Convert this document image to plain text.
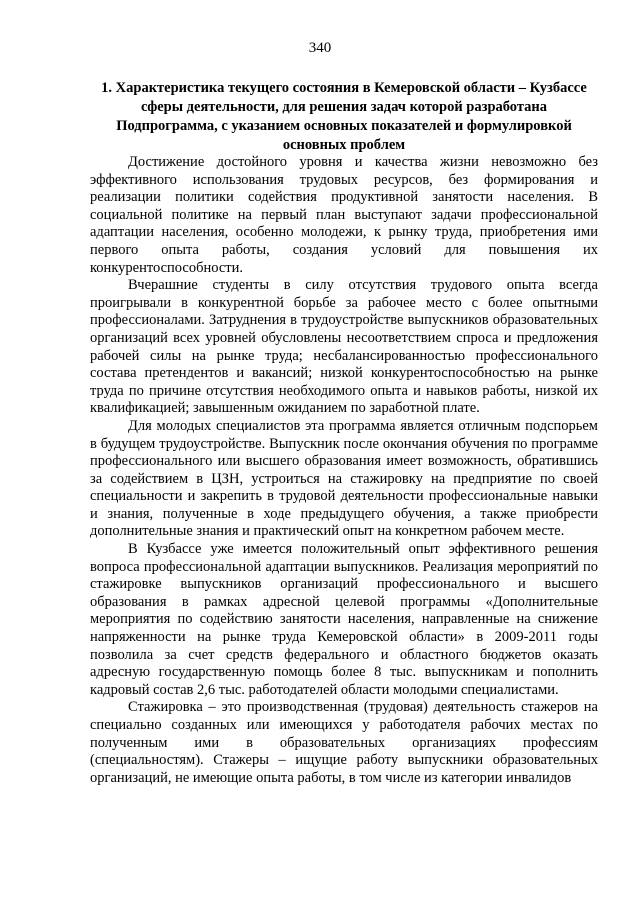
340
1. Характеристика текущего состояния в Кемеровской области – Кузбассе сферы деятельности, для решения задач которой разработана Подпрограмма, с указанием основных показателей и формулировкой основных проблем

Достижение достойного уровня и качества жизни невозможно без эффективного использования трудовых ресурсов, без формирования и реализации политики содействия продуктивной занятости населения. В социальной политике на первый план выступают задачи профессиональной адаптации населения, особенно молодежи, к рынку труда, приобретения ими первого опыта работы, создания условий для повышения их конкурентоспособности.

Вчерашние студенты в силу отсутствия трудового опыта всегда проигрывали в конкурентной борьбе за рабочее место с более опытными профессионалами. Затруднения в трудоустройстве выпускников образовательных организаций всех уровней обусловлены несоответствием спроса и предложения рабочей силы на рынке труда; несбалансированностью профессионального состава претендентов и вакансий; низкой конкурентоспособностью на рынке труда по причине отсутствия необходимого опыта и навыков работы, низкой их квалификацией; завышенным ожиданием по заработной плате.

Для молодых специалистов эта программа является отличным подспорьем в будущем трудоустройстве. Выпускник после окончания обучения по программе профессионального или высшего образования имеет возможность, обратившись за содействием в ЦЗН, устроиться на стажировку на предприятие по своей специальности и закрепить в трудовой деятельности профессиональные навыки и знания, полученные в ходе предыдущего обучения, а также приобрести дополнительные знания и практический опыт на конкретном рабочем месте.

В Кузбассе уже имеется положительный опыт эффективного решения вопроса профессиональной адаптации выпускников. Реализация мероприятий по стажировке выпускников организаций профессионального и высшего образования в рамках адресной целевой программы «Дополнительные мероприятия по содействию занятости населения, направленные на снижение напряженности на рынке труда Кемеровской области» в 2009-2011 годы позволила за счет средств федерального и областного бюджетов оказать адресную государственную помощь более 8 тыс. выпускникам и пополнить кадровый состав 2,6 тыс. работодателей области молодыми специалистами.

Стажировка – это производственная (трудовая) деятельность стажеров на специально созданных или имеющихся у работодателя рабочих местах по полученным ими в образовательных организациях профессиям (специальностям). Стажеры – ищущие работу выпускники образовательных организаций, не имеющие опыта работы, в том числе из категории инвалидов
